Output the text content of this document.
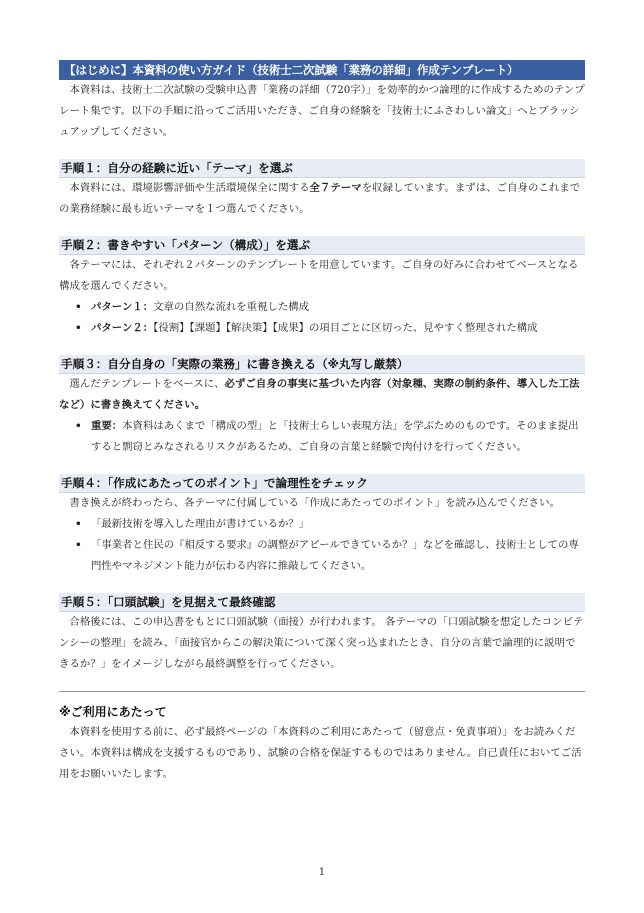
【はじめに】本資料の使い方ガイド（技術士二次試験「業務の詳細」作成テンプレート）

本資料は、技術士二次試験の受験申込書「業務の詳細（720字）」を効率的かつ論理的に作成するためのテンプレート集です。以下の手順に沿ってご活用いただき、ご自身の経験を「技術士にふさわしい論文」へとブラッシュアップしてください。

手順１：自分の経験に近い「テーマ」を選ぶ

本資料には、環境影響評価や生活環境保全に関する全７テーマを収録しています。まずは、ご自身のこれまでの業務経験に最も近いテーマを１つ選んでください。

手順２：書きやすい「パターン（構成）」を選ぶ

各テーマには、それぞれ２パターンのテンプレートを用意しています。ご自身の好みに合わせてベースとなる構成を選んでください。

• パターン１：文章の自然な流れを重視した構成
• パターン２：【役割】【課題】【解決策】【成果】の項目ごとに区切った、見やすく整理された構成
手順３：自分自身の「実際の業務」に書き換える（※丸写し厳禁）

選んだテンプレートをベースに、必ずご自身の事実に基づいた内容（対象種、実際の制約条件、導入した工法など）に書き換えてください。

• 重要：本資料はあくまで「構成の型」と「技術士らしい表現方法」を学ぶためのものです。そのまま提出すると剽窃とみなされるリスクがあるため、ご自身の言葉と経験で肉付けを行ってください。
手順４：「作成にあたってのポイント」で論理性をチェック

書き換えが終わったら、各テーマに付属している「作成にあたってのポイント」を読み込んでください。

• 「最新技術を導入した理由が書けているか？」
• 「事業者と住民の『相反する要求』の調整がアピールできているか？」などを確認し、技術士としての専門性やマネジメント能力が伝わる内容に推敲してください。
手順５：「口頭試験」を見据えて最終確認

合格後には、この申込書をもとに口頭試験（面接）が行われます。 各テーマの「口頭試験を想定したコンピテンシーの整理」を読み、「面接官からこの解決策について深く突っ込まれたとき、自分の言葉で論理的に説明できるか？」をイメージしながら最終調整を行ってください。

※ご利用にあたって

本資料を使用する前に、必ず最終ページの「本資料のご利用にあたって（留意点・免責事項）」をお読みください。本資料は構成を支援するものであり、試験の合格を保証するものではありません。自己責任においてご活用をお願いいたします。

1
